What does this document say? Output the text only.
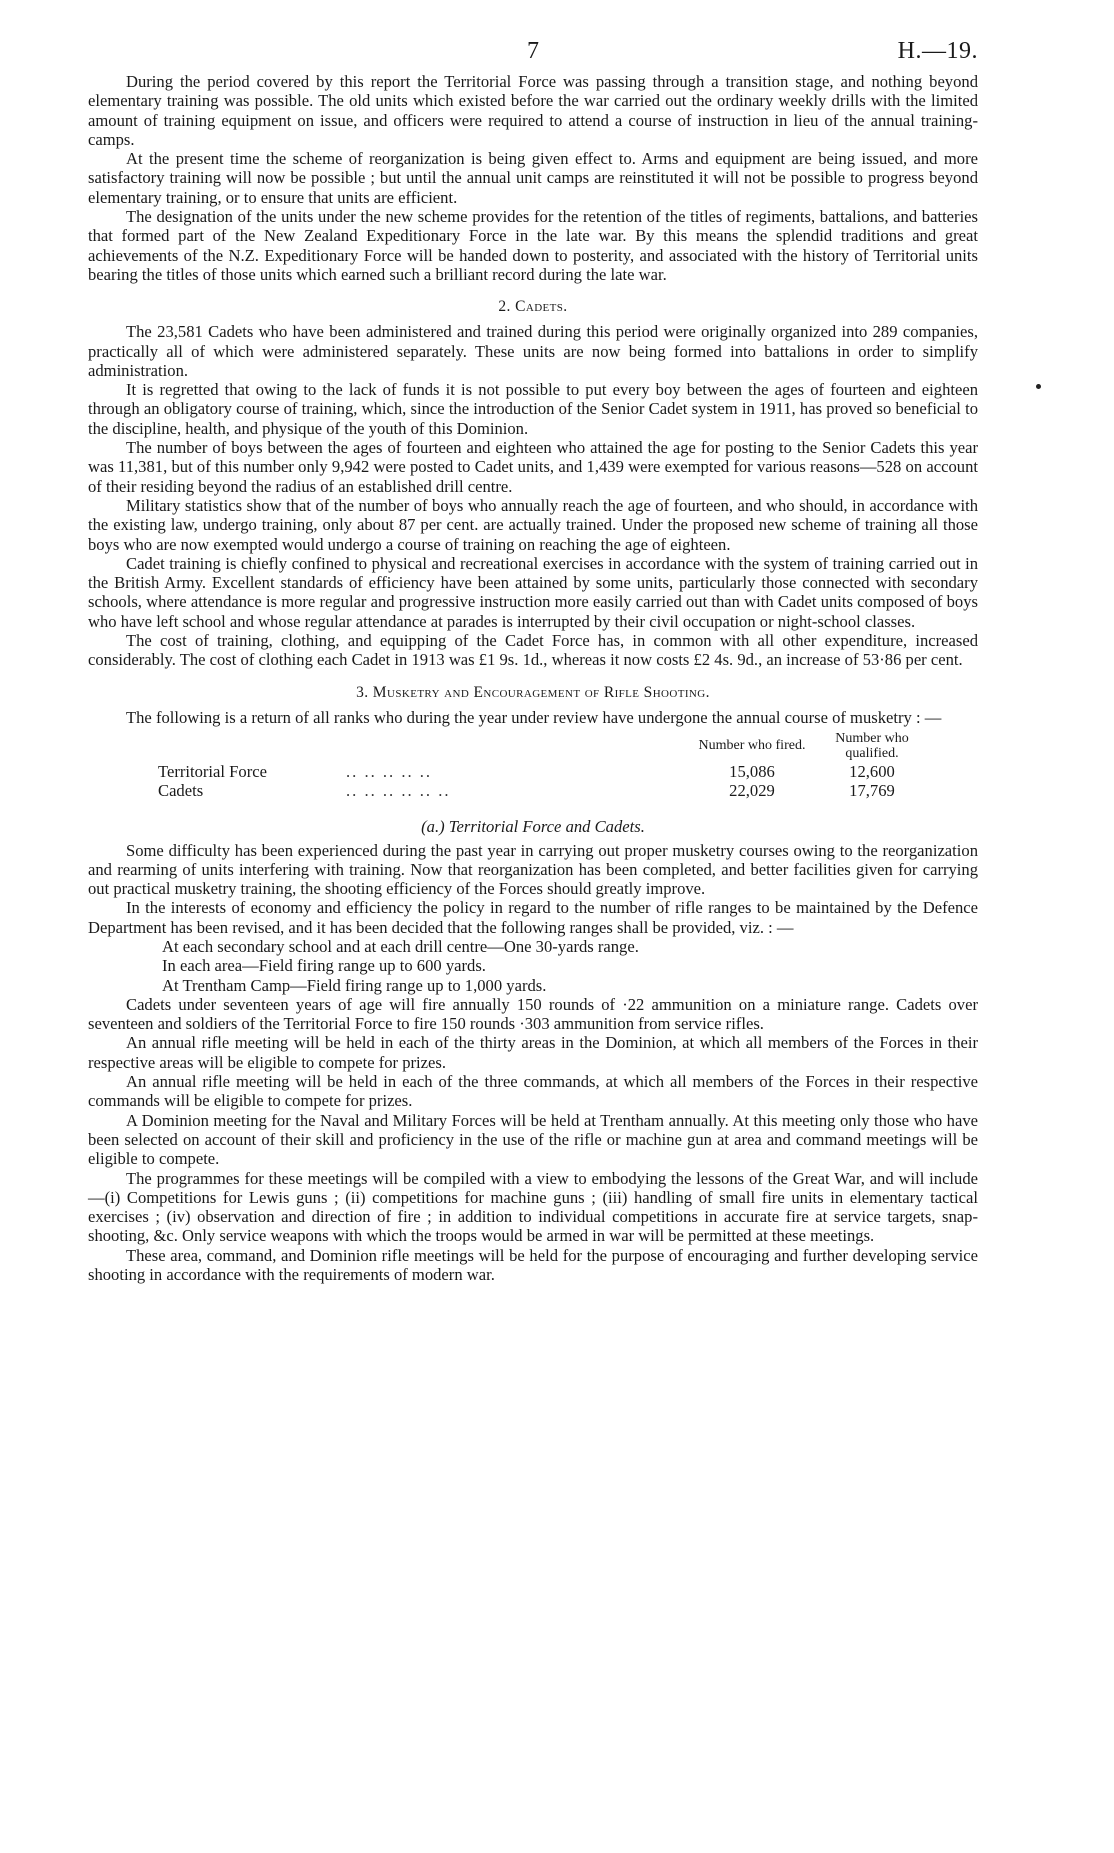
7	H.—19.

During the period covered by this report the Territorial Force was passing through a transition stage, and nothing beyond elementary training was possible. The old units which existed before the war carried out the ordinary weekly drills with the limited amount of training equipment on issue, and officers were required to attend a course of instruction in lieu of the annual training-camps.

At the present time the scheme of reorganization is being given effect to. Arms and equipment are being issued, and more satisfactory training will now be possible ; but until the annual unit camps are reinstituted it will not be possible to progress beyond elementary training, or to ensure that units are efficient.

The designation of the units under the new scheme provides for the retention of the titles of regiments, battalions, and batteries that formed part of the New Zealand Expeditionary Force in the late war. By this means the splendid traditions and great achievements of the N.Z. Expeditionary Force will be handed down to posterity, and associated with the history of Territorial units bearing the titles of those units which earned such a brilliant record during the late war.

2. Cadets.

The 23,581 Cadets who have been administered and trained during this period were originally organized into 289 companies, practically all of which were administered separately. These units are now being formed into battalions in order to simplify administration.

It is regretted that owing to the lack of funds it is not possible to put every boy between the ages of fourteen and eighteen through an obligatory course of training, which, since the introduction of the Senior Cadet system in 1911, has proved so beneficial to the discipline, health, and physique of the youth of this Dominion.

The number of boys between the ages of fourteen and eighteen who attained the age for posting to the Senior Cadets this year was 11,381, but of this number only 9,942 were posted to Cadet units, and 1,439 were exempted for various reasons—528 on account of their residing beyond the radius of an established drill centre.

Military statistics show that of the number of boys who annually reach the age of fourteen, and who should, in accordance with the existing law, undergo training, only about 87 per cent. are actually trained. Under the proposed new scheme of training all those boys who are now exempted would undergo a course of training on reaching the age of eighteen.

Cadet training is chiefly confined to physical and recreational exercises in accordance with the system of training carried out in the British Army. Excellent standards of efficiency have been attained by some units, particularly those connected with secondary schools, where attendance is more regular and progressive instruction more easily carried out than with Cadet units composed of boys who have left school and whose regular attendance at parades is interrupted by their civil occupation or night-school classes.

The cost of training, clothing, and equipping of the Cadet Force has, in common with all other expenditure, increased considerably. The cost of clothing each Cadet in 1913 was £1 9s. 1d., whereas it now costs £2 4s. 9d., an increase of 53·86 per cent.

3. Musketry and Encouragement of Rifle Shooting.

The following is a return of all ranks who during the year under review have undergone the annual course of musketry : —

		Number who fired.	Number who qualified.
Territorial Force	.. .. .. .. ..	15,086	12,600
Cadets	.. .. .. .. .. ..	22,029	17,769
(a.) Territorial Force and Cadets.

Some difficulty has been experienced during the past year in carrying out proper musketry courses owing to the reorganization and rearming of units interfering with training. Now that reorganization has been completed, and better facilities given for carrying out practical musketry training, the shooting efficiency of the Forces should greatly improve.

In the interests of economy and efficiency the policy in regard to the number of rifle ranges to be maintained by the Defence Department has been revised, and it has been decided that the following ranges shall be provided, viz. : —

At each secondary school and at each drill centre—One 30-yards range.
In each area—Field firing range up to 600 yards.
At Trentham Camp—Field firing range up to 1,000 yards.

Cadets under seventeen years of age will fire annually 150 rounds of ·22 ammunition on a miniature range. Cadets over seventeen and soldiers of the Territorial Force to fire 150 rounds ·303 ammunition from service rifles.

An annual rifle meeting will be held in each of the thirty areas in the Dominion, at which all members of the Forces in their respective areas will be eligible to compete for prizes.

An annual rifle meeting will be held in each of the three commands, at which all members of the Forces in their respective commands will be eligible to compete for prizes.

A Dominion meeting for the Naval and Military Forces will be held at Trentham annually. At this meeting only those who have been selected on account of their skill and proficiency in the use of the rifle or machine gun at area and command meetings will be eligible to compete.

The programmes for these meetings will be compiled with a view to embodying the lessons of the Great War, and will include—(i) Competitions for Lewis guns ; (ii) competitions for machine guns ; (iii) handling of small fire units in elementary tactical exercises ; (iv) observation and direction of fire ; in addition to individual competitions in accurate fire at service targets, snap-shooting, &c. Only service weapons with which the troops would be armed in war will be permitted at these meetings.

These area, command, and Dominion rifle meetings will be held for the purpose of encouraging and further developing service shooting in accordance with the requirements of modern war.
